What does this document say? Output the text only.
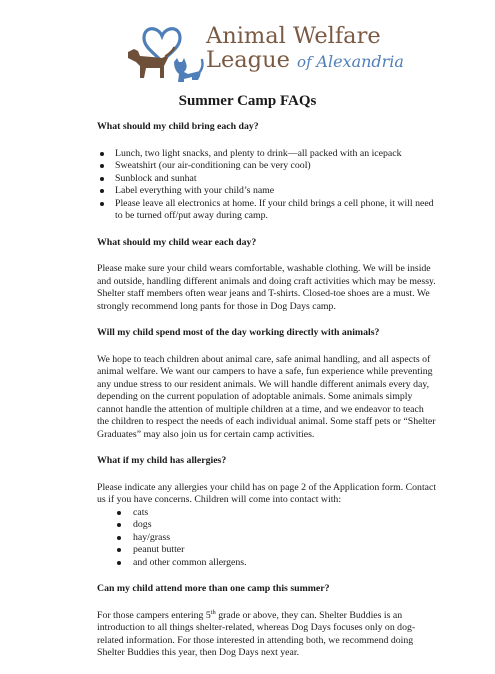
Animal Welfare
League of Alexandria
Summer Camp FAQs
What should my child bring each day?
Lunch, two light snacks, and plenty to drink—all packed with an icepack
Sweatshirt (our air-conditioning can be very cool)
Sunblock and sunhat
Label everything with your child’s name
Please leave all electronics at home. If your child brings a cell phone, it will need to be turned off/put away during camp.
What should my child wear each day?

Please make sure your child wears comfortable, washable clothing. We will be inside and outside, handling different animals and doing craft activities which may be messy. Shelter staff members often wear jeans and T-shirts. Closed-toe shoes are a must. We strongly recommend long pants for those in Dog Days camp.

Will my child spend most of the day working directly with animals?

We hope to teach children about animal care, safe animal handling, and all aspects of animal welfare. We want our campers to have a safe, fun experience while preventing any undue stress to our resident animals. We will handle different animals every day, depending on the current population of adoptable animals. Some animals simply cannot handle the attention of multiple children at a time, and we endeavor to teach the children to respect the needs of each individual animal. Some staff pets or “Shelter Graduates” may also join us for certain camp activities.

What if my child has allergies?

Please indicate any allergies your child has on page 2 of the Application form. Contact us if you have concerns. Children will come into contact with:

cats
dogs
hay/grass
peanut butter
and other common allergens.
Can my child attend more than one camp this summer?

For those campers entering 5th grade or above, they can. Shelter Buddies is an introduction to all things shelter-related, whereas Dog Days focuses only on dog-related information. For those interested in attending both, we recommend doing Shelter Buddies this year, then Dog Days next year.
